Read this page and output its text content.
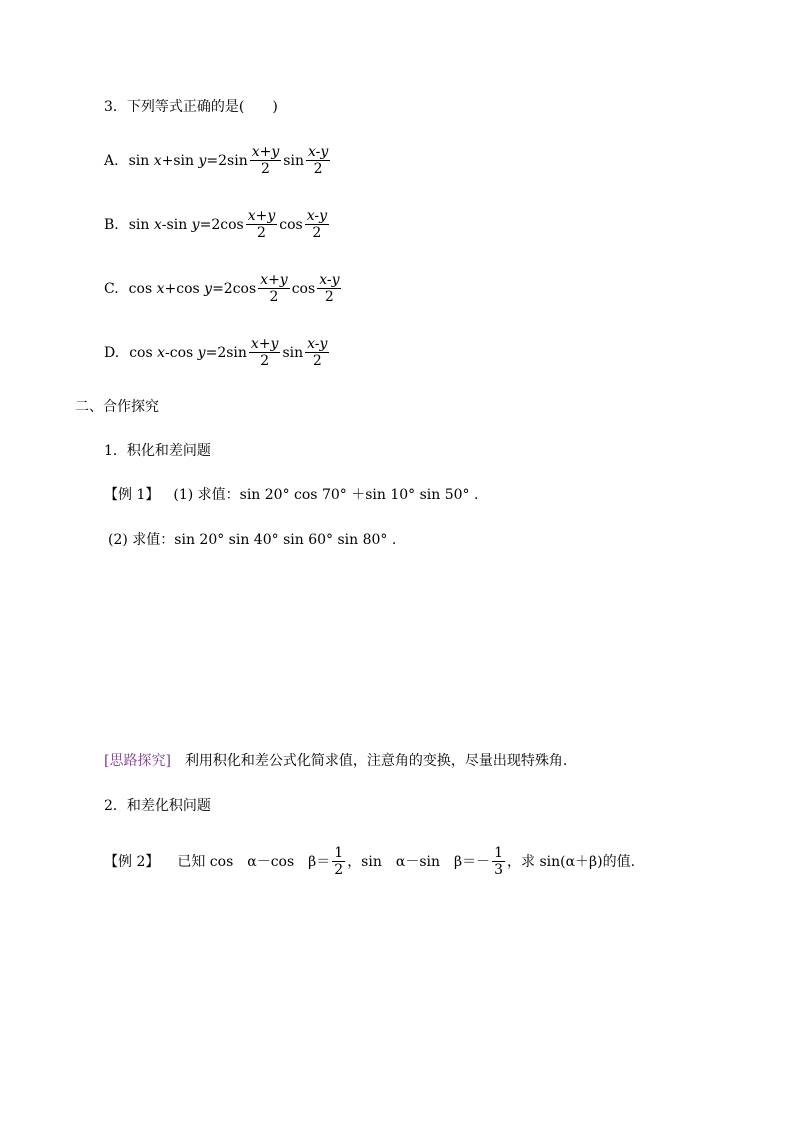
3．下列等式正确的是(　　)
A. sin
x + sin
$y =2\sin \frac{x+y}{2}$ $\sin \frac{x-y}{2}$
B. sin
x - sin
$y =2\cos \frac{x+y}{2}$ $\cos \frac{x-y}{2}$
C. cos
x + cos
$y =2\cos \frac{x+y}{2}$ $\cos \frac{x-y}{2}$
D. cos
x - cos
$y =2\sin \frac{x+y}{2}$ $\sin \frac{x-y}{2}$
二、合作探究
1．积化和差问题
【例 1】 (1) 求值：sin 20° cos 70° ＋sin 10° sin 50° .
(2) 求值：sin 20° sin 40° sin 60° sin 80° .
[思路探究] 利用积化和差公式化简求值，注意角的变换，尽量出现特殊角.
2．和差化积问题
【例 2】 已知 cos　α－cos　$\beta= \frac{1}{2}$ ，sin　α－sin　$\beta=- \frac{1}{3}$ ，求 sin(α＋β)的值.
